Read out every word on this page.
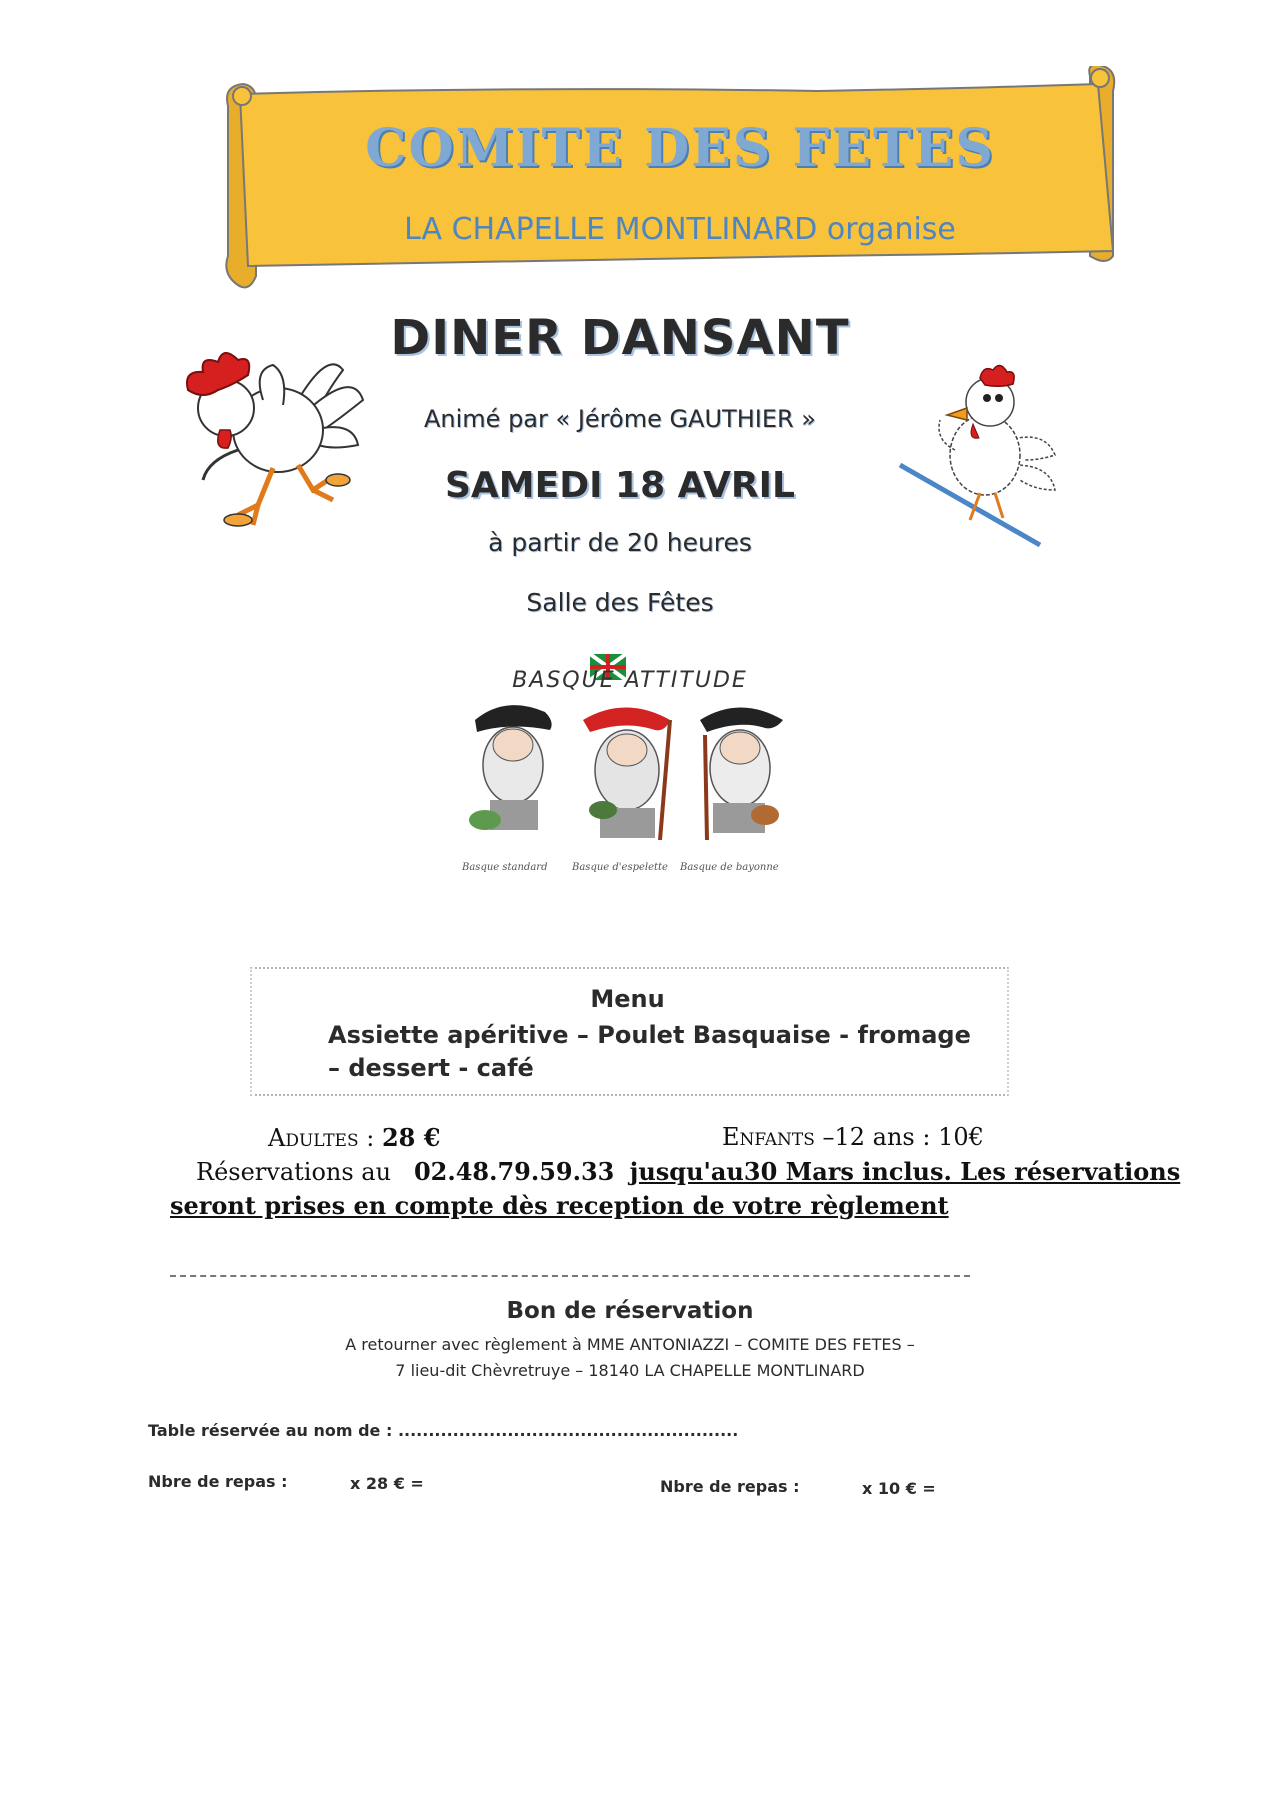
COMITE DES FETES
LA CHAPELLE MONTLINARD organise
DINER DANSANT
Animé par « Jérôme GAUTHIER »
SAMEDI 18 AVRIL
à partir de 20 heures
Salle des Fêtes
BASQUE ATTITUDE
Basque standard Basque d'espelette Basque de bayonne
Menu
Assiette apéritive – Poulet Basquaise - fromage
– dessert - café
Adultes : 28 €	Enfants –12 ans : 10€
Réservations au 02.48.79.59.33 jusqu'au30 Mars inclus. Les réservations
seront prises en compte dès reception de votre règlement
Bon de réservation
A retourner avec règlement à MME ANTONIAZZI – COMITE DES FETES –
7 lieu-dit Chèvretruye – 18140 LA CHAPELLE MONTLINARD
Table réservée au nom de : ........................................................
Nbre de repas :	x 28 € =	Nbre de repas :	x 10 € =
